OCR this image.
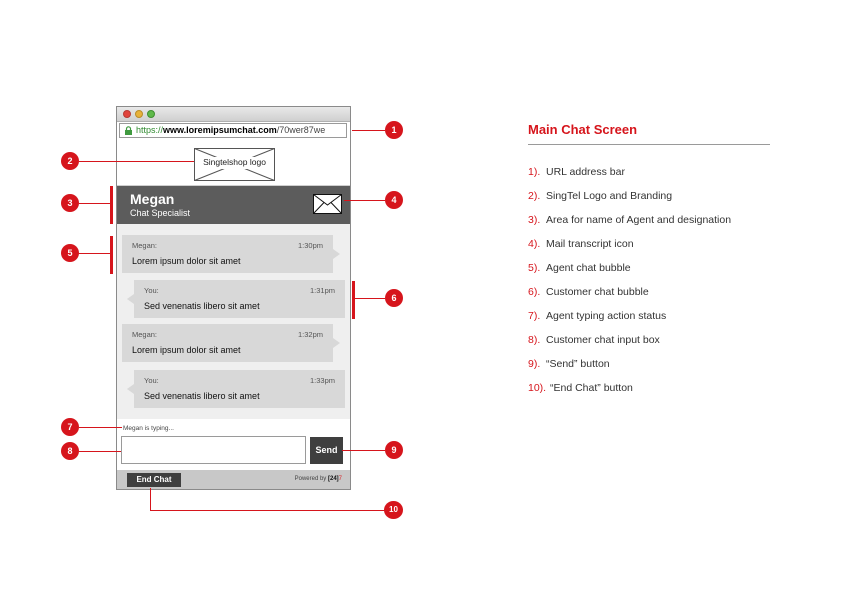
https://www.loremipsumchat.com/70wer87we
Singtelshop logo
Megan
Chat Specialist
Megan:	1:30pm
Lorem ipsum dolor sit amet
You:	1:31pm
Sed venenatis libero sit amet
Megan:	1:32pm
Lorem ipsum dolor sit amet
You:	1:33pm
Sed venenatis libero sit amet
Megan is typing...
Send
End Chat	Powered by [24]7
1
2
3	4
5
6
7
8	9
10
Main Chat Screen
1). URL address bar
2). SingTel Logo and Branding
3). Area for name of Agent and designation
4). Mail transcript icon
5). Agent chat bubble
6). Customer chat bubble
7). Agent typing action status
8). Customer chat input box
9). “Send” button
10).“End Chat” button
